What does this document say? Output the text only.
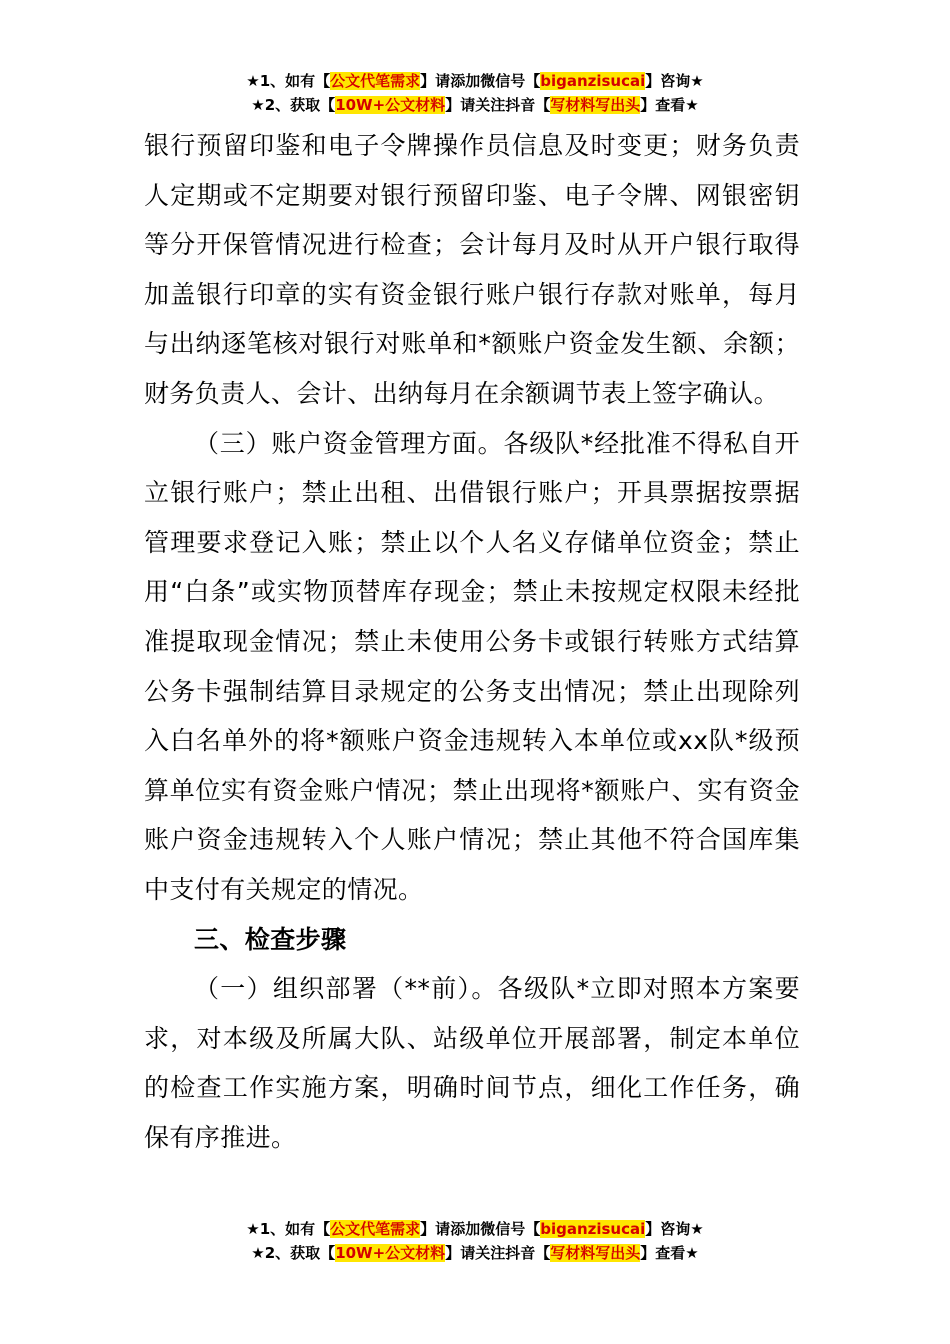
★1、如有【公文代笔需求】请添加微信号【biganzisucai】咨询★
★2、获取【10W+公文材料】请关注抖音【写材料写出头】查看★

银行预留印鉴和电子令牌操作员信息及时变更；财务负责人定期或不定期要对银行预留印鉴、电子令牌、网银密钥等分开保管情况进行检查；会计每月及时从开户银行取得加盖银行印章的实有资金银行账户银行存款对账单，每月与出纳逐笔核对银行对账单和*额账户资金发生额、余额；财务负责人、会计、出纳每月在余额调节表上签字确认。

（三）账户资金管理方面。各级队*经批准不得私自开立银行账户；禁止出租、出借银行账户；开具票据按票据管理要求登记入账；禁止以个人名义存储单位资金；禁止用“白条”或实物顶替库存现金；禁止未按规定权限未经批准提取现金情况；禁止未使用公务卡或银行转账方式结算公务卡强制结算目录规定的公务支出情况；禁止出现除列入白名单外的将*额账户资金违规转入本单位或xx队*级预算单位实有资金账户情况；禁止出现将*额账户、实有资金账户资金违规转入个人账户情况；禁止其他不符合国库集中支付有关规定的情况。

三、检查步骤

（一）组织部署（**前）。各级队*立即对照本方案要求，对本级及所属大队、站级单位开展部署，制定本单位的检查工作实施方案，明确时间节点，细化工作任务，确保有序推进。

★1、如有【公文代笔需求】请添加微信号【biganzisucai】咨询★
★2、获取【10W+公文材料】请关注抖音【写材料写出头】查看★
